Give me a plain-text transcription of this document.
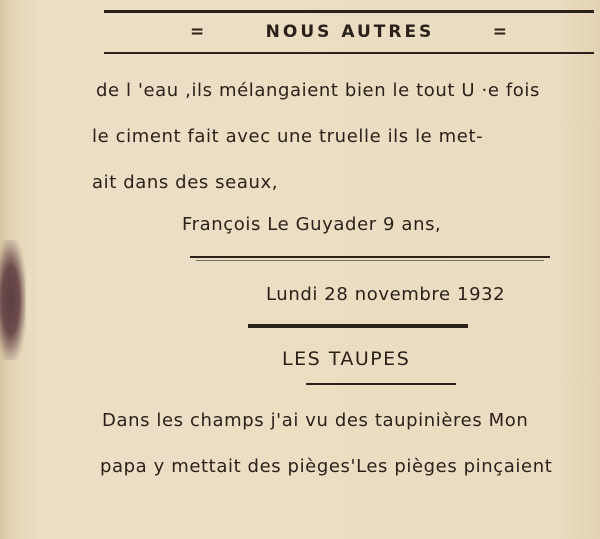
=	NOUS AUTRES	=
de l 'eau ,ils mélangaient bien le tout U ·e fois
le ciment fait avec une truelle ils le met-
ait dans des seaux,
François Le Guyader 9 ans,
Lundi 28 novembre 1932
LES TAUPES
Dans les champs j'ai vu des taupinières Mon
papa y mettait des pièges'Les pièges pinçaient
